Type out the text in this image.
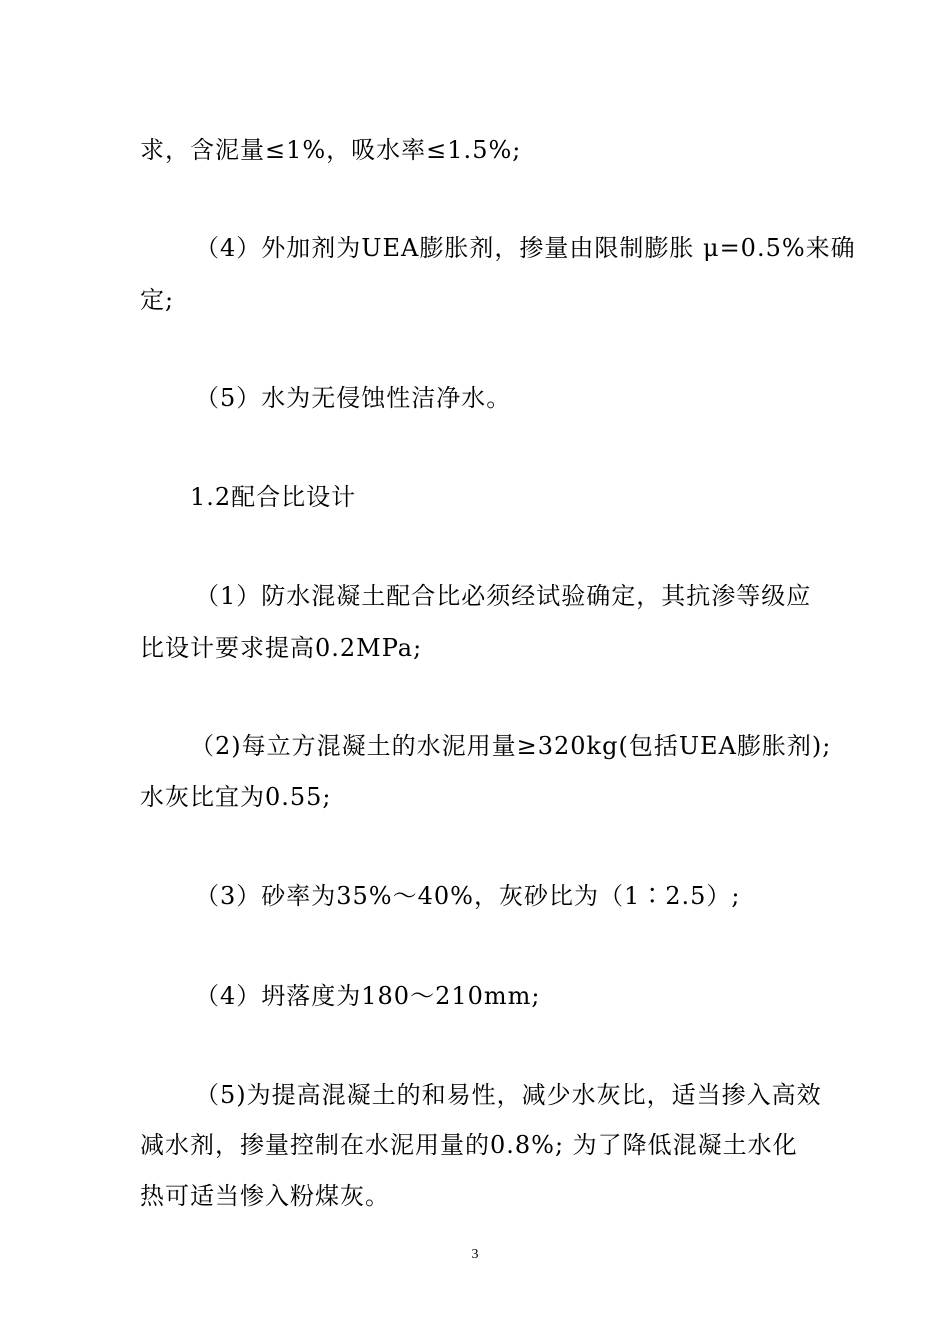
求，含泥量≤1%，吸水率≤1.5%;
（4）外加剂为UEA膨胀剂，掺量由限制膨胀 μ=0.5%来确
定;
（5）水为无侵蚀性洁净水。
1.2配合比设计
（1）防水混凝土配合比必须经试验确定，其抗渗等级应
比设计要求提高0.2MPa;
（2)每立方混凝土的水泥用量≥320kg(包括UEA膨胀剂);
水灰比宜为0.55;
（3）砂率为35%～40%，灰砂比为（1∶2.5）;
（4）坍落度为180～210mm;
（5)为提高混凝土的和易性，减少水灰比，适当掺入高效
减水剂，掺量控制在水泥用量的0.8%; 为了降低混凝土水化
热可适当惨入粉煤灰。
3
